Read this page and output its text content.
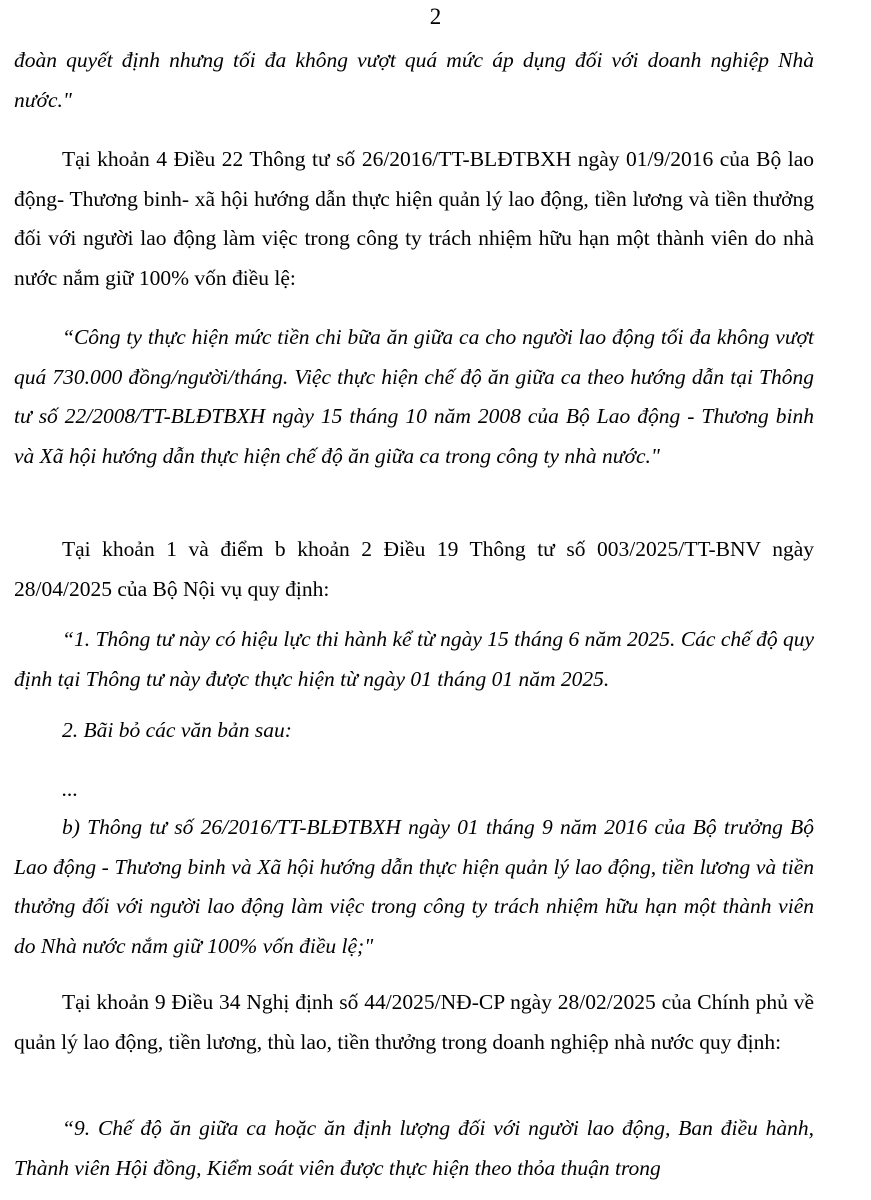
2

đoàn quyết định nhưng tối đa không vượt quá mức áp dụng đối với doanh nghiệp Nhà nước."

Tại khoản 4 Điều 22 Thông tư số 26/2016/TT-BLĐTBXH ngày 01/9/2016 của Bộ lao động- Thương binh- xã hội hướng dẫn thực hiện quản lý lao động, tiền lương và tiền thưởng đối với người lao động làm việc trong công ty trách nhiệm hữu hạn một thành viên do nhà nước nắm giữ 100% vốn điều lệ:

“Công ty thực hiện mức tiền chi bữa ăn giữa ca cho người lao động tối đa không vượt quá 730.000 đồng/người/tháng. Việc thực hiện chế độ ăn giữa ca theo hướng dẫn tại Thông tư số 22/2008/TT-BLĐTBXH ngày 15 tháng 10 năm 2008 của Bộ Lao động - Thương binh và Xã hội hướng dẫn thực hiện chế độ ăn giữa ca trong công ty nhà nước."

Tại khoản 1 và điểm b khoản 2 Điều 19 Thông tư số 003/2025/TT-BNV ngày 28/04/2025 của Bộ Nội vụ quy định:

“1. Thông tư này có hiệu lực thi hành kể từ ngày 15 tháng 6 năm 2025. Các chế độ quy định tại Thông tư này được thực hiện từ ngày 01 tháng 01 năm 2025.

2. Bãi bỏ các văn bản sau:

...

b) Thông tư số 26/2016/TT-BLĐTBXH ngày 01 tháng 9 năm 2016 của Bộ trưởng Bộ Lao động - Thương binh và Xã hội hướng dẫn thực hiện quản lý lao động, tiền lương và tiền thưởng đối với người lao động làm việc trong công ty trách nhiệm hữu hạn một thành viên do Nhà nước nắm giữ 100% vốn điều lệ;"

Tại khoản 9 Điều 34 Nghị định số 44/2025/NĐ-CP ngày 28/02/2025 của Chính phủ về quản lý lao động, tiền lương, thù lao, tiền thưởng trong doanh nghiệp nhà nước quy định:

“9. Chế độ ăn giữa ca hoặc ăn định lượng đối với người lao động, Ban điều hành, Thành viên Hội đồng, Kiểm soát viên được thực hiện theo thỏa thuận trong
